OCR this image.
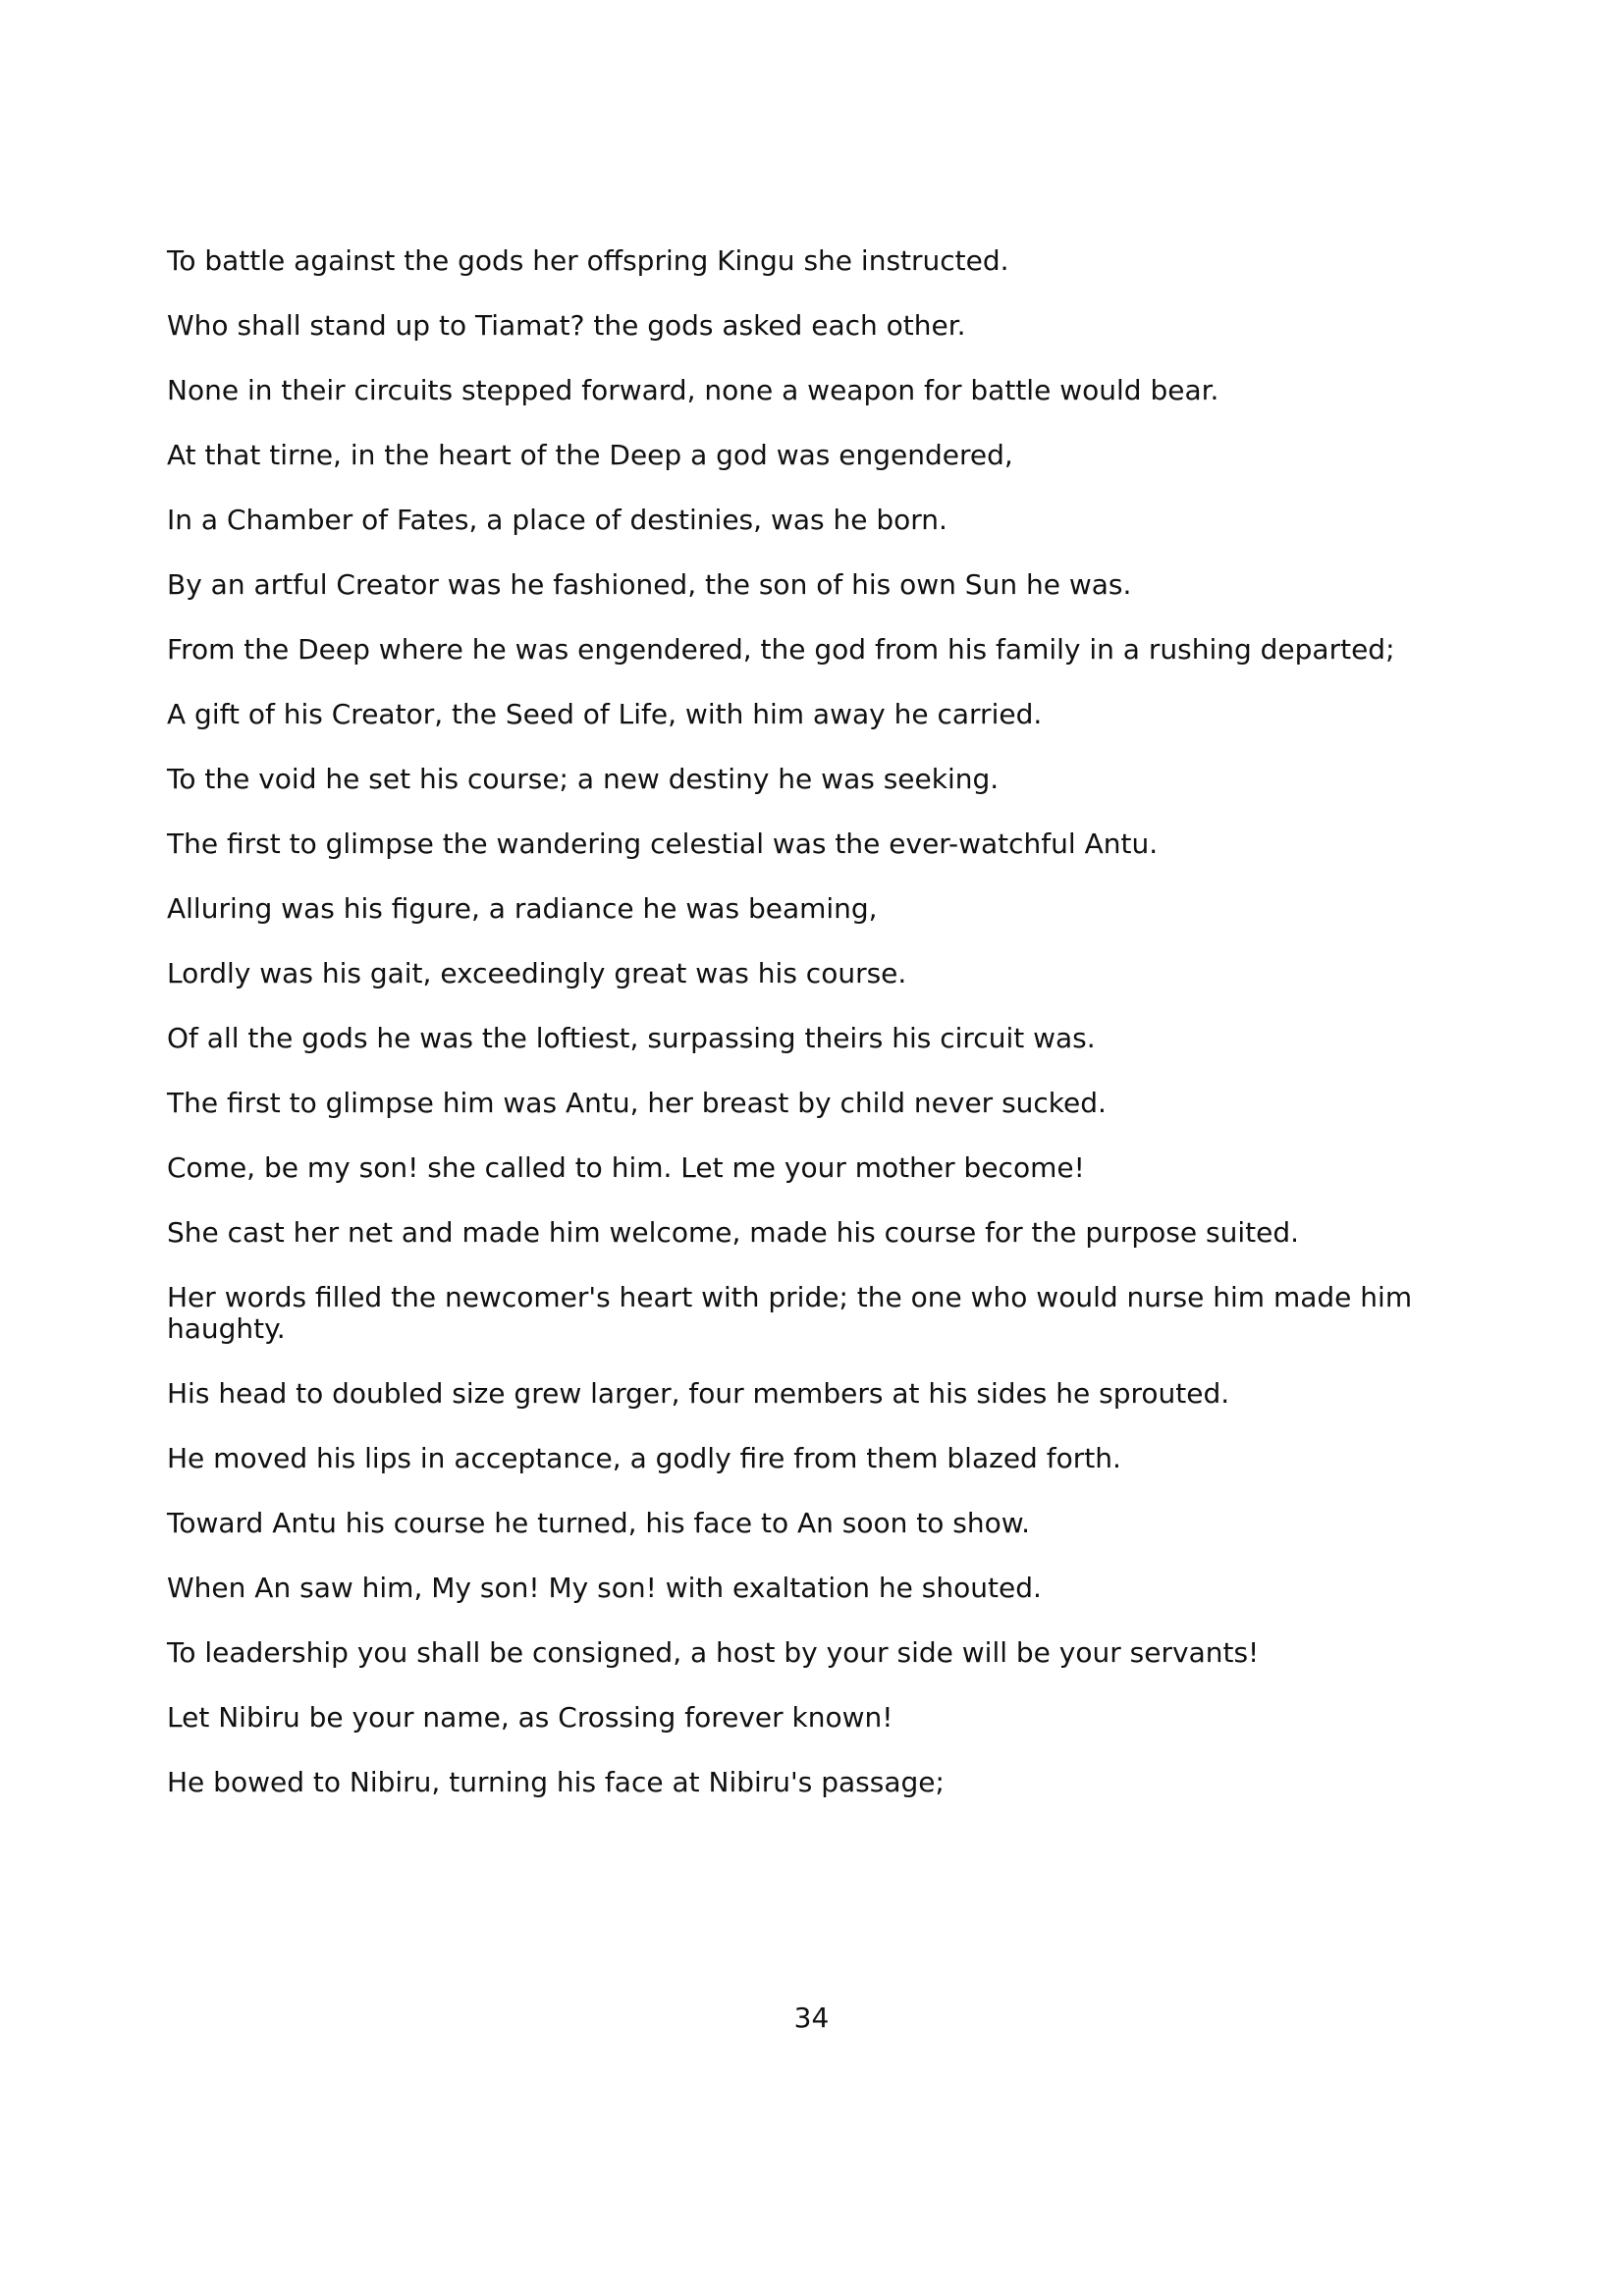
To battle against the gods her offspring Kingu she instructed.

Who shall stand up to Tiamat? the gods asked each other.

None in their circuits stepped forward, none a weapon for battle would bear.

At that tirne, in the heart of the Deep a god was engendered,

In a Chamber of Fates, a place of destinies, was he born.

By an artful Creator was he fashioned, the son of his own Sun he was.

From the Deep where he was engendered, the god from his family in a rushing departed;

A gift of his Creator, the Seed of Life, with him away he carried.

To the void he set his course; a new destiny he was seeking.

The first to glimpse the wandering celestial was the ever-watchful Antu.

Alluring was his figure, a radiance he was beaming,

Lordly was his gait, exceedingly great was his course.

Of all the gods he was the loftiest, surpassing theirs his circuit was.

The first to glimpse him was Antu, her breast by child never sucked.

Come, be my son! she called to him. Let me your mother become!

She cast her net and made him welcome, made his course for the purpose suited.

Her words filled the newcomer's heart with pride; the one who would nurse him made him haughty.

His head to doubled size grew larger, four members at his sides he sprouted.

He moved his lips in acceptance, a godly fire from them blazed forth.

Toward Antu his course he turned, his face to An soon to show.

When An saw him, My son! My son! with exaltation he shouted.

To leadership you shall be consigned, a host by your side will be your servants!

Let Nibiru be your name, as Crossing forever known!

He bowed to Nibiru, turning his face at Nibiru's passage;

34
